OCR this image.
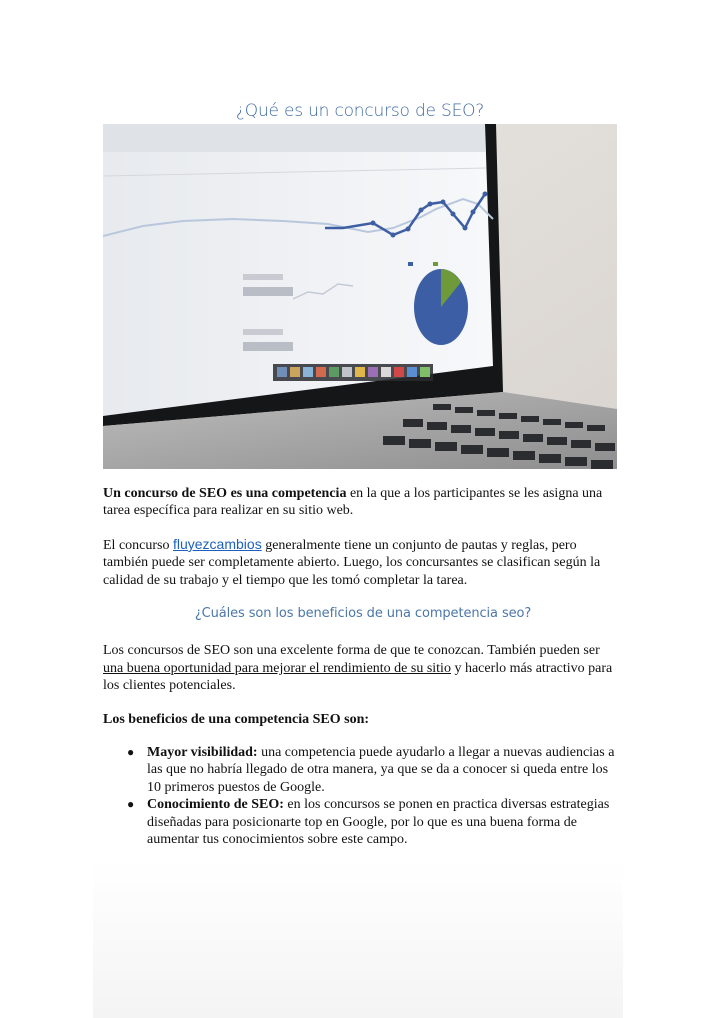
¿Qué es un concurso de SEO?

Un concurso de SEO es una competencia en la que a los participantes se les asigna una tarea específica para realizar en su sitio web.

El concurso fluyezcambios generalmente tiene un conjunto de pautas y reglas, pero también puede ser completamente abierto. Luego, los concursantes se clasifican según la calidad de su trabajo y el tiempo que les tomó completar la tarea.

¿Cuáles son los beneficios de una competencia seo?

Los concursos de SEO son una excelente forma de que te conozcan. También pueden ser una buena oportunidad para mejorar el rendimiento de su sitio y hacerlo más atractivo para los clientes potenciales.

Los beneficios de una competencia SEO son:

● Mayor visibilidad: una competencia puede ayudarlo a llegar a nuevas audiencias a las que no habría llegado de otra manera, ya que se da a conocer si queda entre los 10 primeros puestos de Google.
● Conocimiento de SEO: en los concursos se ponen en practica diversas estrategias diseñadas para posicionarte top en Google, por lo que es una buena forma de aumentar tus conocimientos sobre este campo.
